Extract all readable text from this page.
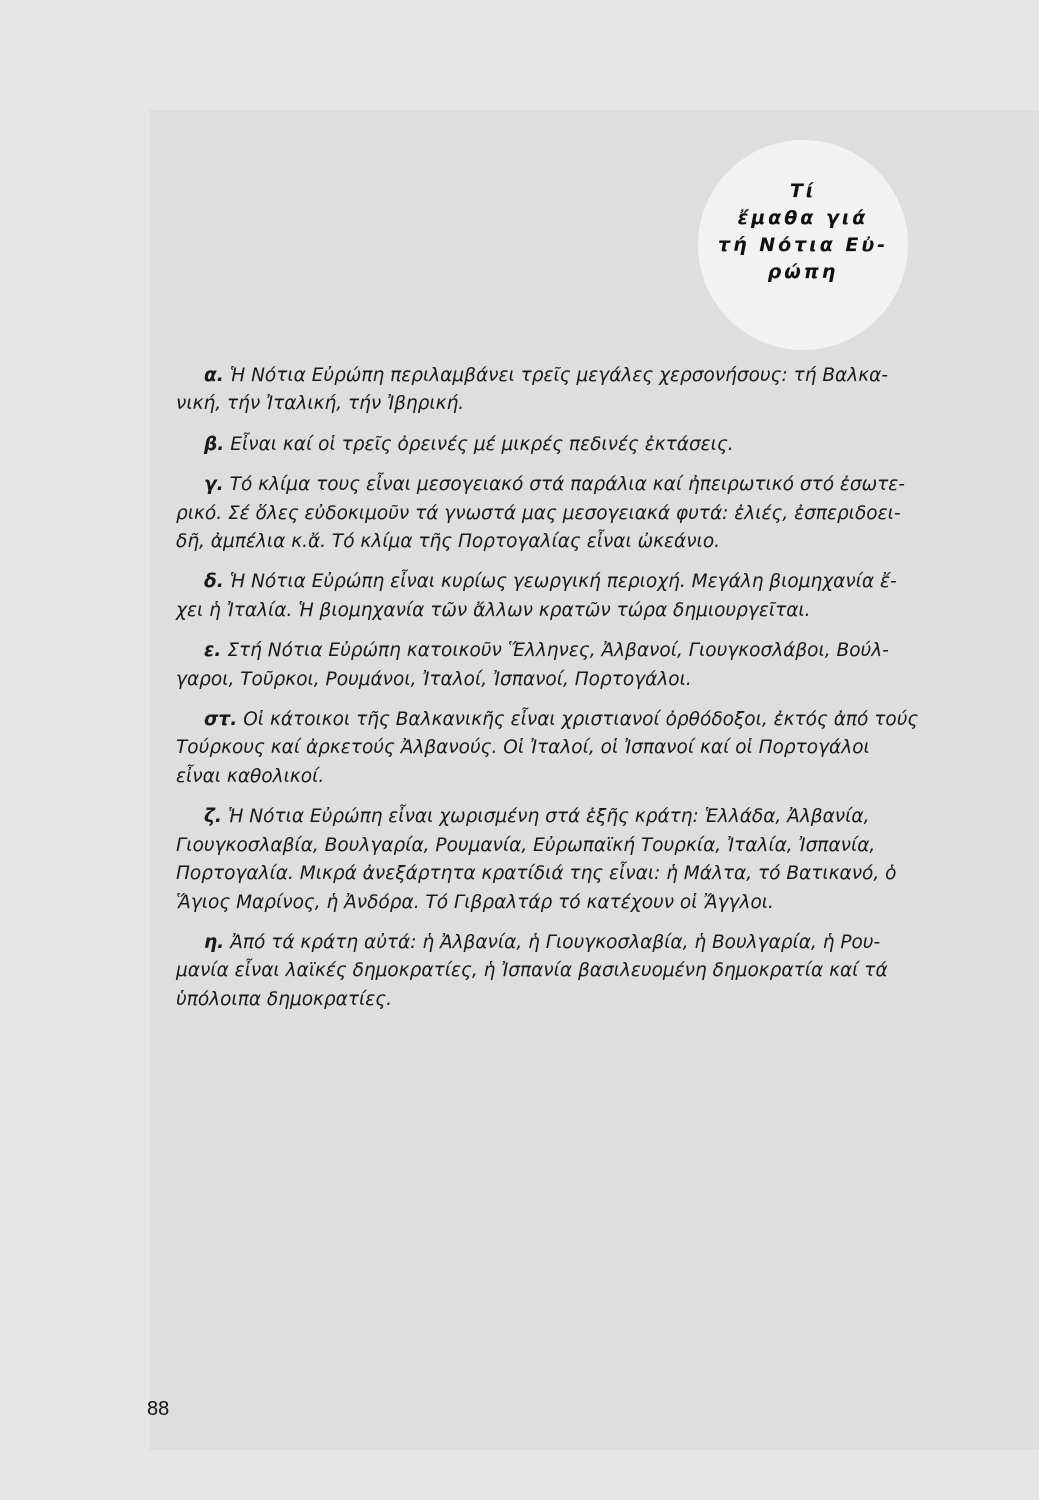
Τί
ἔμαθα γιά
τή Νότια Εὐ-
ρώπη
α. Ἡ Νότια Εὐρώπη περιλαμβάνει τρεῖς μεγάλες χερσονήσους: τή Βαλκα-
νική, τήν Ἰταλική, τήν Ἰβηρική.
β. Εἶναι καί οἱ τρεῖς ὀρεινές μέ μικρές πεδινές ἐκτάσεις.
γ. Τό κλίμα τους εἶναι μεσογειακό στά παράλια καί ἠπειρωτικό στό ἐσωτε-
ρικό. Σέ ὅλες εὐδοκιμοῦν τά γνωστά μας μεσογειακά φυτά: ἐλιές, ἐσπεριδοει-
δῆ, ἀμπέλια κ.ἄ. Τό κλίμα τῆς Πορτογαλίας εἶναι ὠκεάνιο.
δ. Ἡ Νότια Εὐρώπη εἶναι κυρίως γεωργική περιοχή. Μεγάλη βιομηχανία ἔ-
χει ἡ Ἰταλία. Ἡ βιομηχανία τῶν ἄλλων κρατῶν τώρα δημιουργεῖται.
ε. Στή Νότια Εὐρώπη κατοικοῦν Ἕλληνες, Ἀλβανοί, Γιουγκοσλάβοι, Βούλ-
γαροι, Τοῦρκοι, Ρουμάνοι, Ἰταλοί, Ἰσπανοί, Πορτογάλοι.
στ. Οἱ κάτοικοι τῆς Βαλκανικῆς εἶναι χριστιανοί ὀρθόδοξοι, ἐκτός ἀπό τούς
Τούρκους καί ἀρκετούς Ἀλβανούς. Οἱ Ἰταλοί, οἱ Ἰσπανοί καί οἱ Πορτογάλοι
εἶναι καθολικοί.
ζ. Ἡ Νότια Εὐρώπη εἶναι χωρισμένη στά ἑξῆς κράτη: Ἑλλάδα, Ἀλβανία,
Γιουγκοσλαβία, Βουλγαρία, Ρουμανία, Εὐρωπαϊκή Τουρκία, Ἰταλία, Ἰσπανία,
Πορτογαλία. Μικρά ἀνεξάρτητα κρατίδιά της εἶναι: ἡ Μάλτα, τό Βατικανό, ὁ
Ἅγιος Μαρίνος, ἡ Ἀνδόρα. Τό Γιβραλτάρ τό κατέχουν οἱ Ἄγγλοι.
η. Ἀπό τά κράτη αὐτά: ἡ Ἀλβανία, ἡ Γιουγκοσλαβία, ἡ Βουλγαρία, ἡ Ρου-
μανία εἶναι λαϊκές δημοκρατίες, ἡ Ἰσπανία βασιλευομένη δημοκρατία καί τά
ὑπόλοιπα δημοκρατίες.
88
